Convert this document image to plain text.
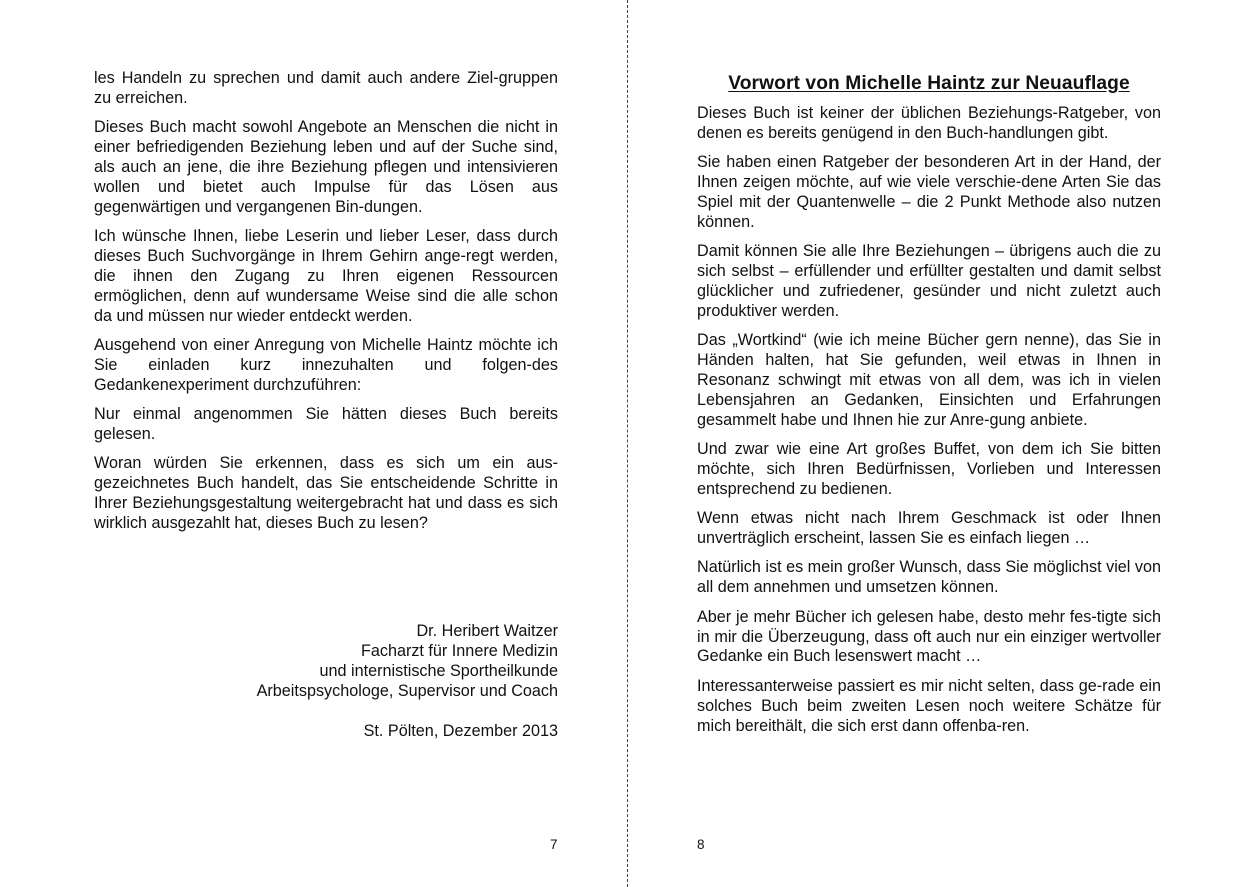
les Handeln zu sprechen und damit auch andere Ziel-gruppen zu erreichen.

Dieses Buch macht sowohl Angebote an Menschen die nicht in einer befriedigenden Beziehung leben und auf der Suche sind, als auch an jene, die ihre Beziehung pflegen und intensivieren wollen und bietet auch Impulse für das Lösen aus gegenwärtigen und vergangenen Bin-dungen.

Ich wünsche Ihnen, liebe Leserin und lieber Leser, dass durch dieses Buch Suchvorgänge in Ihrem Gehirn ange-regt werden, die ihnen den Zugang zu Ihren eigenen Ressourcen ermöglichen, denn auf wundersame Weise sind die alle schon da und müssen nur wieder entdeckt werden.

Ausgehend von einer Anregung von Michelle Haintz möchte ich Sie einladen kurz innezuhalten und folgen-des Gedankenexperiment durchzuführen:

Nur einmal angenommen Sie hätten dieses Buch bereits gelesen.

Woran würden Sie erkennen, dass es sich um ein aus-gezeichnetes Buch handelt, das Sie entscheidende Schritte in Ihrer Beziehungsgestaltung weitergebracht hat und dass es sich wirklich ausgezahlt hat, dieses Buch zu lesen?

Dr. Heribert Waitzer
Facharzt für Innere Medizin
und internistische Sportheilkunde
Arbeitspsychologe, Supervisor und Coach
St. Pölten, Dezember 2013
7
Vorwort von Michelle Haintz zur Neuauflage

Dieses Buch ist keiner der üblichen Beziehungs-Ratgeber, von denen es bereits genügend in den Buch-handlungen gibt.

Sie haben einen Ratgeber der besonderen Art in der Hand, der Ihnen zeigen möchte, auf wie viele verschie-dene Arten Sie das Spiel mit der Quantenwelle – die 2 Punkt Methode also nutzen können.

Damit können Sie alle Ihre Beziehungen – übrigens auch die zu sich selbst – erfüllender und erfüllter gestalten und damit selbst glücklicher und zufriedener, gesünder und nicht zuletzt auch produktiver werden.

Das „Wortkind“ (wie ich meine Bücher gern nenne), das Sie in Händen halten, hat Sie gefunden, weil etwas in Ihnen in Resonanz schwingt mit etwas von all dem, was ich in vielen Lebensjahren an Gedanken, Einsichten und Erfahrungen gesammelt habe und Ihnen hie zur Anre-gung anbiete.

Und zwar wie eine Art großes Buffet, von dem ich Sie bitten möchte, sich Ihren Bedürfnissen, Vorlieben und Interessen entsprechend zu bedienen.

Wenn etwas nicht nach Ihrem Geschmack ist oder Ihnen unverträglich erscheint, lassen Sie es einfach liegen …

Natürlich ist es mein großer Wunsch, dass Sie möglichst viel von all dem annehmen und umsetzen können.

Aber je mehr Bücher ich gelesen habe, desto mehr fes-tigte sich in mir die Überzeugung, dass oft auch nur ein einziger wertvoller Gedanke ein Buch lesenswert macht …

Interessanterweise passiert es mir nicht selten, dass ge-rade ein solches Buch beim zweiten Lesen noch weitere Schätze für mich bereithält, die sich erst dann offenba-ren.

8
